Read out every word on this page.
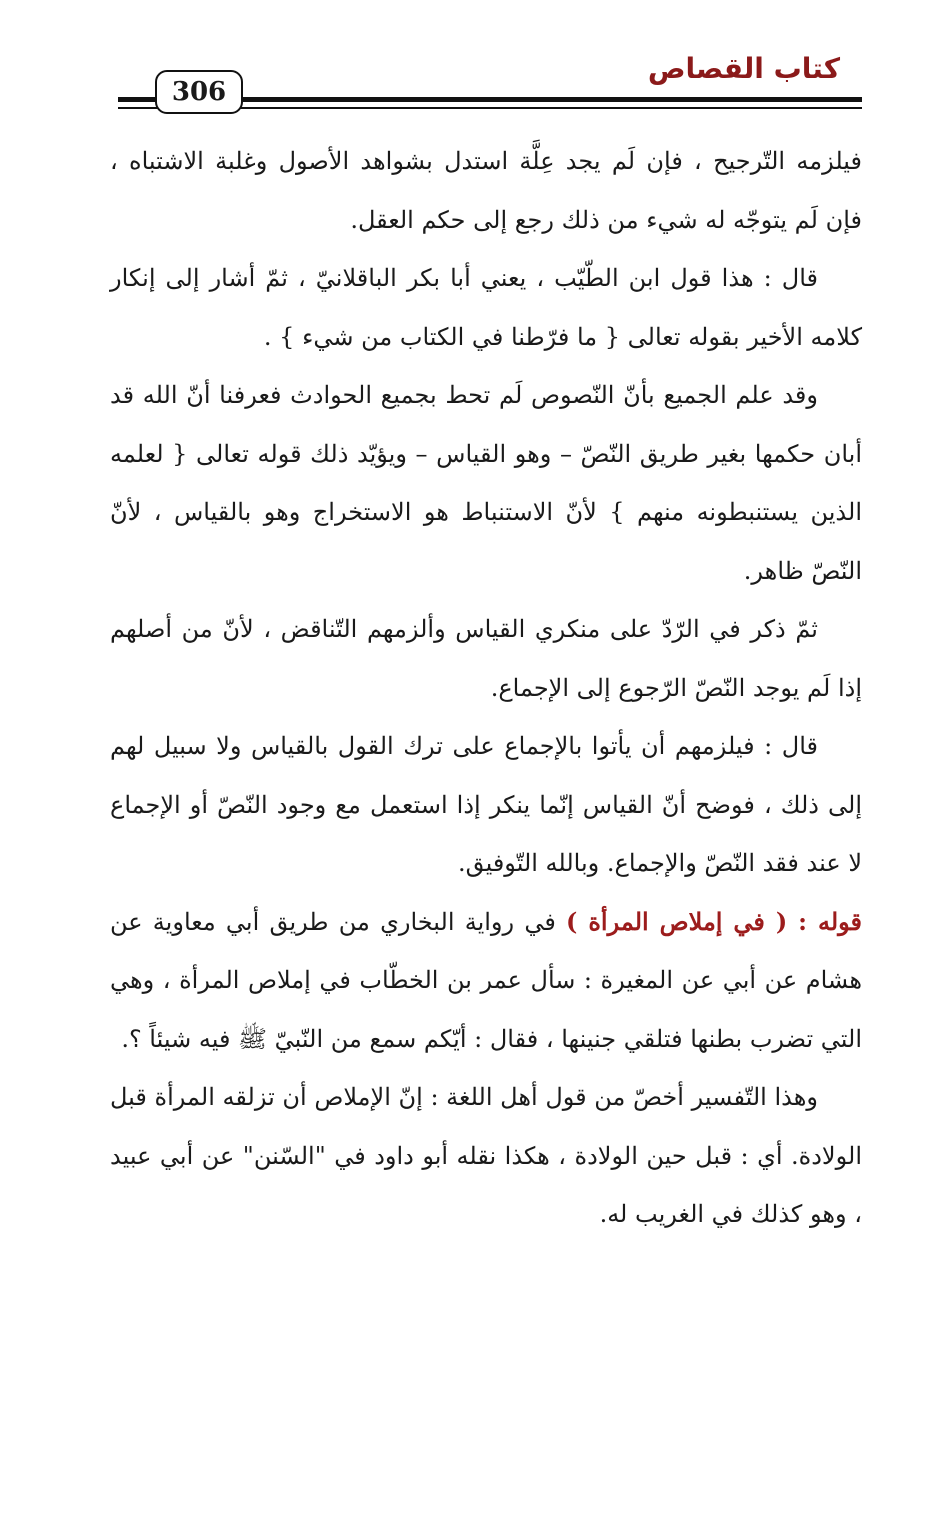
كتاب القصاص
306

فيلزمه التّرجيح ، فإن لَم يجد عِلَّة استدل بشواهد الأصول وغلبة الاشتباه ، فإن لَم يتوجّه له شيء من ذلك رجع إلى حكم العقل.

قال : هذا قول ابن الطّيّب ، يعني أبا بكر الباقلانيّ ، ثمّ أشار إلى إنكار كلامه الأخير بقوله تعالى { ما فرّطنا في الكتاب من شيء } .

وقد علم الجميع بأنّ النّصوص لَم تحط بجميع الحوادث فعرفنا أنّ الله قد أبان حكمها بغير طريق النّصّ – وهو القياس – ويؤيّد ذلك قوله تعالى { لعلمه الذين يستنبطونه منهم } لأنّ الاستنباط هو الاستخراج وهو بالقياس ، لأنّ النّصّ ظاهر.

ثمّ ذكر في الرّدّ على منكري القياس وألزمهم التّناقض ، لأنّ من أصلهم إذا لَم يوجد النّصّ الرّجوع إلى الإجماع.

قال : فيلزمهم أن يأتوا بالإجماع على ترك القول بالقياس ولا سبيل لهم إلى ذلك ، فوضح أنّ القياس إنّما ينكر إذا استعمل مع وجود النّصّ أو الإجماع لا عند فقد النّصّ والإجماع. وبالله التّوفيق.

قوله : ( في إملاص المرأة ) في رواية البخاري من طريق أبي معاوية عن هشام عن أبي عن المغيرة : سأل عمر بن الخطّاب في إملاص المرأة ، وهي التي تضرب بطنها فتلقي جنينها ، فقال : أيّكم سمع من النّبيّ ﷺ فيه شيئاً ؟.

وهذا التّفسير أخصّ من قول أهل اللغة : إنّ الإملاص أن تزلقه المرأة قبل الولادة. أي : قبل حين الولادة ، هكذا نقله أبو داود في "السّنن" عن أبي عبيد ، وهو كذلك في الغريب له.
